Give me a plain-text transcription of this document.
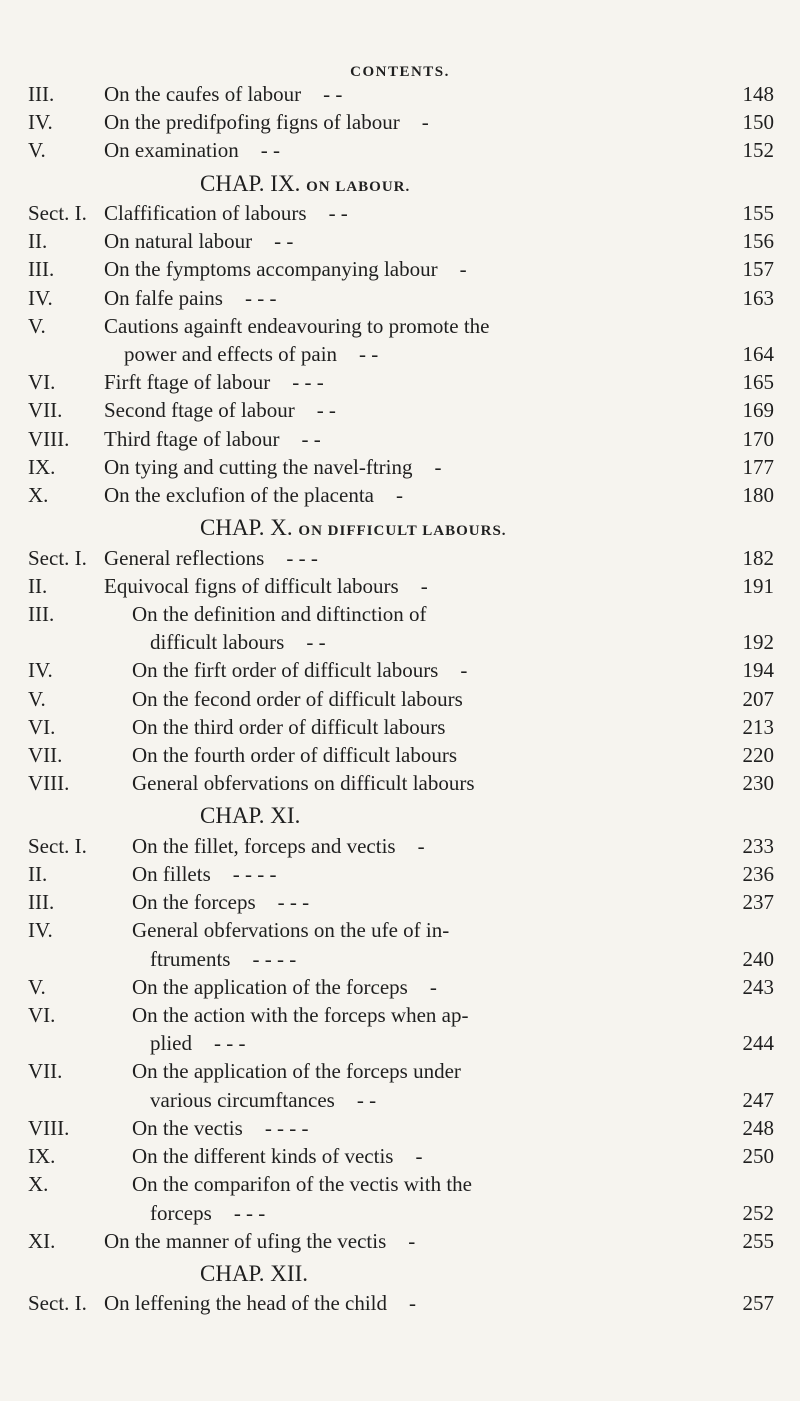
CONTENTS.
III. On the caufes of labour - -	148
IV. On the predifpofing figns of labour -	150
V.	On examination - -	152
CHAP. IX. ON LABOUR.
Sect. I. Claffification of labours - -	155
II.	On natural labour - -	156
III. On the fymptoms accompanying labour -	157
IV. On falfe pains - - -	163
V.	Cautions againft endeavouring to promote the
power and effects of pain - -	164
VI. Firft ftage of labour - - -	165
VII. Second ftage of labour - -	169
VIII. Third ftage of labour - -	170
IX. On tying and cutting the navel-ftring -	177
X.	On the exclufion of the placenta -	180
CHAP. X. ON DIFFICULT LABOURS.
Sect. I. General reflections - - -	182
II.	Equivocal figns of difficult labours -	191
III.	On the definition and diftinction of
difficult labours - -	192
IV.	On the firft order of difficult labours -	194
V.	On the fecond order of difficult labours	207
VI.	On the third order of difficult labours	213
VII.	On the fourth order of difficult labours	220
VIII.	General obfervations on difficult labours	230
CHAP. XI.
Sect. I. On the fillet, forceps and vectis -	233
II.	On fillets - - - -	236
III.	On the forceps - - -	237
IV.	General obfervations on the ufe of in-
ftruments - - - -	240
V.	On the application of the forceps -	243
VI.	On the action with the forceps when ap-
plied - - -	244
VII.	On the application of the forceps under
various circumftances - -	247
VIII.	On the vectis - - - -	248
IX.	On the different kinds of vectis -	250
X.	On the comparifon of the vectis with the
forceps - - -	252
XI. On the manner of ufing the vectis -	255
CHAP. XII.
Sect. I. On leffening the head of the child -	257
